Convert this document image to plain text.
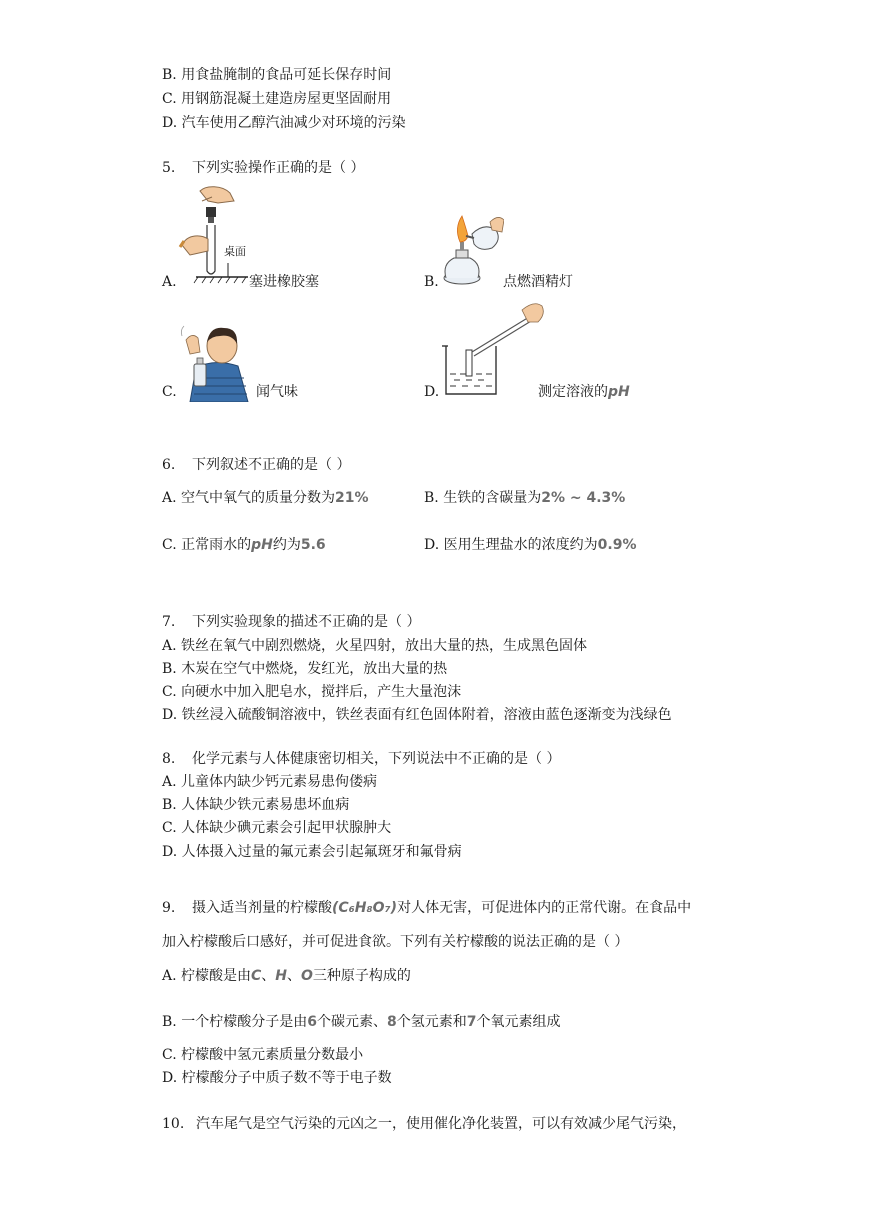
B. 用食盐腌制的食品可延长保存时间
C. 用钢筋混凝土建造房屋更坚固耐用
D. 汽车使用乙醇汽油减少对环境的污染
5. 下列实验操作正确的是（ ）
桌面
A.	塞进橡胶塞	B.	点燃酒精灯
C.	闻气味	D.	测定溶液的pH
6. 下列叙述不正确的是（ ）
A. 空气中氧气的质量分数为21%	B. 生铁的含碳量为2% ~ 4.3%
C. 正常雨水的pH约为5.6	D. 医用生理盐水的浓度约为0.9%
7. 下列实验现象的描述不正确的是（ ）
A. 铁丝在氧气中剧烈燃烧，火星四射，放出大量的热，生成黑色固体
B. 木炭在空气中燃烧，发红光，放出大量的热
C. 向硬水中加入肥皂水，搅拌后，产生大量泡沫
D. 铁丝浸入硫酸铜溶液中，铁丝表面有红色固体附着，溶液由蓝色逐渐变为浅绿色
8. 化学元素与人体健康密切相关，下列说法中不正确的是（ ）
A. 儿童体内缺少钙元素易患佝偻病
B. 人体缺少铁元素易患坏血病
C. 人体缺少碘元素会引起甲状腺肿大
D. 人体摄入过量的氟元素会引起氟斑牙和氟骨病
9. 摄入适当剂量的柠檬酸(C₆H₈O₇)对人体无害，可促进体内的正常代谢。在食品中
加入柠檬酸后口感好，并可促进食欲。下列有关柠檬酸的说法正确的是（ ）
A. 柠檬酸是由C、H、O三种原子构成的
B. 一个柠檬酸分子是由6个碳元素、8个氢元素和7个氧元素组成
C. 柠檬酸中氢元素质量分数最小
D. 柠檬酸分子中质子数不等于电子数
10. 汽车尾气是空气污染的元凶之一，使用催化净化装置，可以有效减少尾气污染，
